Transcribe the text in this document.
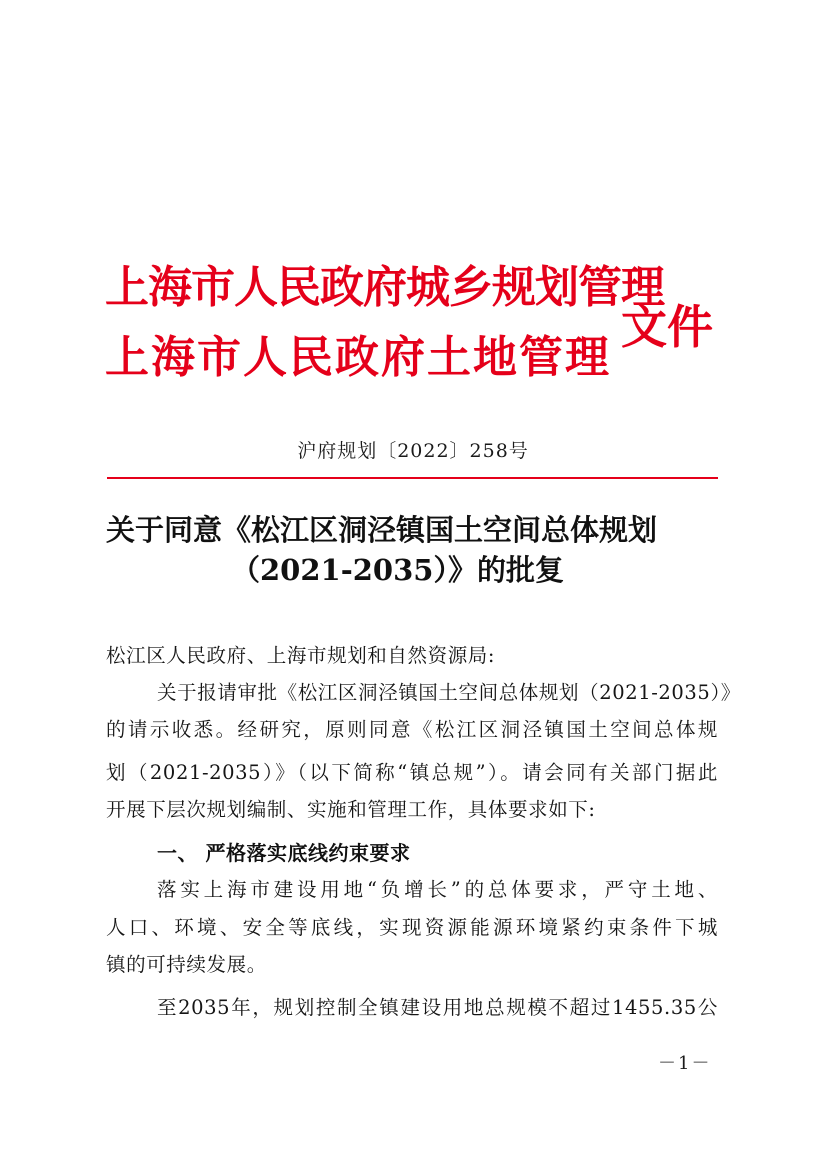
上海市人民政府城乡规划管理
上海市人民政府土地管理
文件
沪府规划〔2022〕258号
关于同意《松江区洞泾镇国土空间总体规划
（2021-2035）》的批复
松江区人民政府、上海市规划和自然资源局:
关于报请审批《松江区洞泾镇国土空间总体规划（2021-2035）》
的请示收悉。经研究，原则同意《松江区洞泾镇国土空间总体规
划（2021-2035）》（以下简称“镇总规”）。请会同有关部门据此
开展下层次规划编制、实施和管理工作，具体要求如下:
一、 严格落实底线约束要求
落实上海市建设用地“负增长”的总体要求，严守土地、
人口、环境、安全等底线，实现资源能源环境紧约束条件下城
镇的可持续发展。
至2035年，规划控制全镇建设用地总规模不超过1455.35公
－1－
